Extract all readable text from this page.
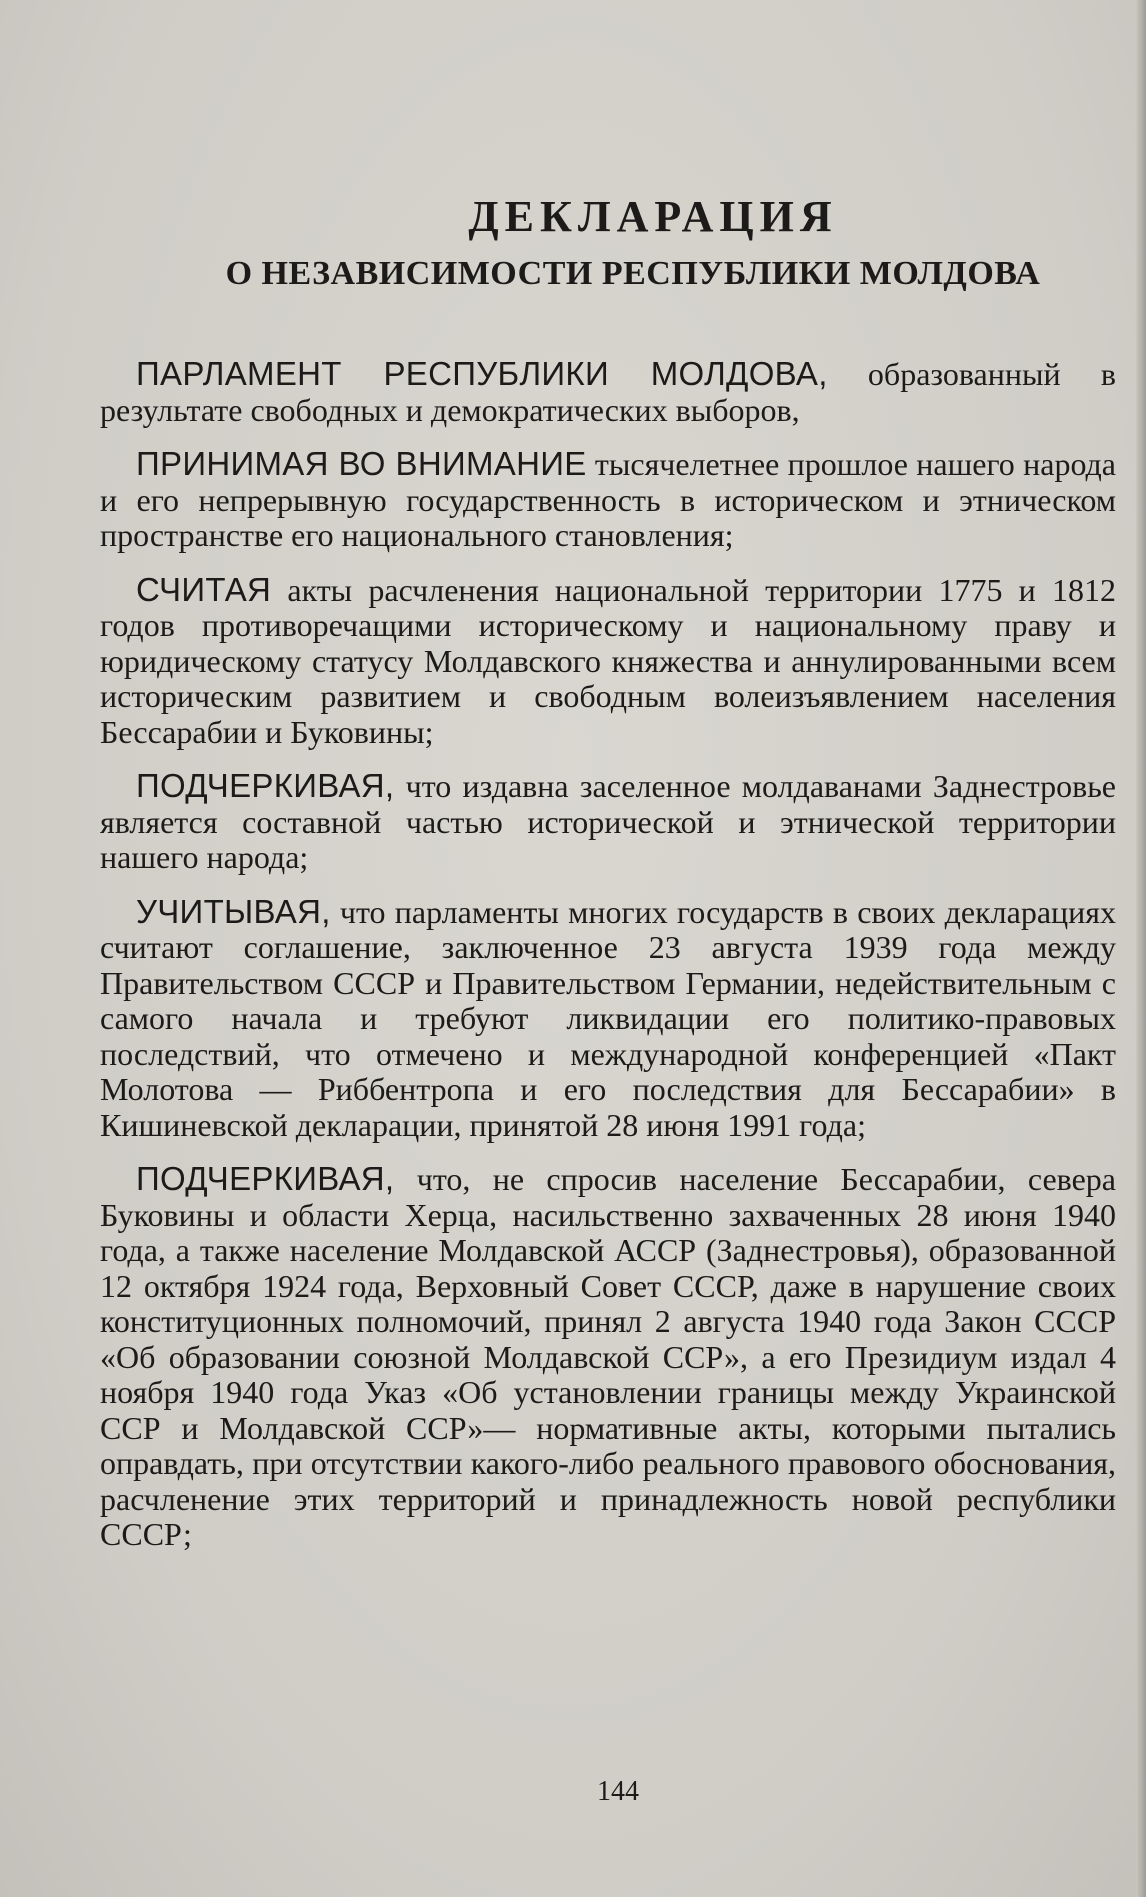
ДЕКЛАРАЦИЯ
О НЕЗАВИСИМОСТИ РЕСПУБЛИКИ МОЛДОВА

ПАРЛАМЕНТ РЕСПУБЛИКИ МОЛДОВА, образованный в результате свободных и демократических выборов,

ПРИНИМАЯ ВО ВНИМАНИЕ тысячелетнее прошлое нашего народа и его непрерывную государственность в историческом и этническом пространстве его национального становления;

СЧИТАЯ акты расчленения национальной территории 1775 и 1812 годов противоречащими историческому и национальному праву и юридическому статусу Молдавского княжества и аннулированными всем историческим развитием и свободным волеизъявлением населения Бессарабии и Буковины;

ПОДЧЕРКИВАЯ, что издавна заселенное молдаванами Заднестровье является составной частью исторической и этнической территории нашего народа;

УЧИТЫВАЯ, что парламенты многих государств в своих декларациях считают соглашение, заключенное 23 августа 1939 года между Правительством СССР и Правительством Германии, недействительным с самого начала и требуют ликвидации его политико-правовых последствий, что отмечено и международной конференцией «Пакт Молотова — Риббентропа и его последствия для Бессарабии» в Кишиневской декларации, принятой 28 июня 1991 года;

ПОДЧЕРКИВАЯ, что, не спросив население Бессарабии, севера Буковины и области Херца, насильственно захваченных 28 июня 1940 года, а также население Молдавской АССР (Заднестровья), образованной 12 октября 1924 года, Верховный Совет СССР, даже в нарушение своих конституционных полномочий, принял 2 августа 1940 года Закон СССР «Об образовании союзной Молдавской ССР», а его Президиум издал 4 ноября 1940 года Указ «Об установлении границы между Украинской ССР и Молдавской ССР»— нормативные акты, которыми пытались оправдать, при отсутствии какого-либо реального правового обоснования, расчленение этих территорий и принадлежность новой республики СССР;

144
